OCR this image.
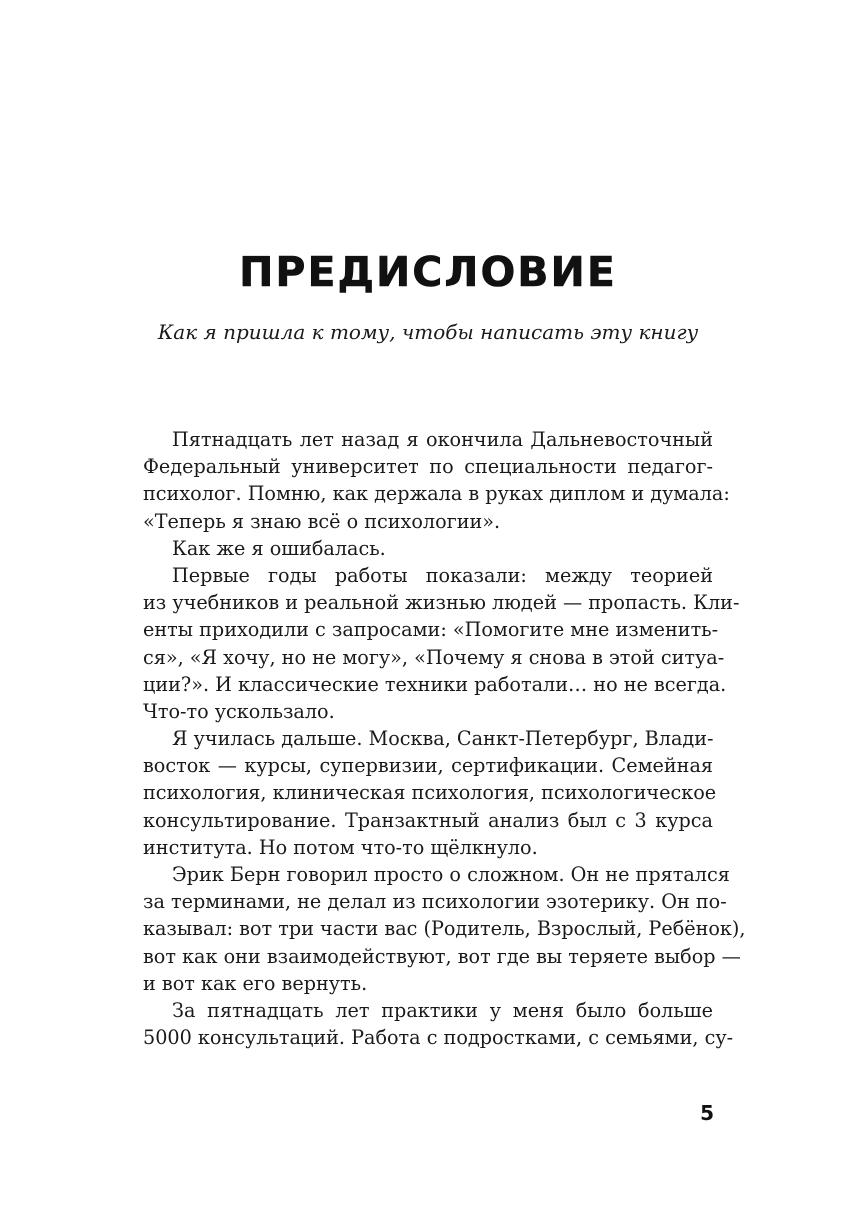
ПРЕДИСЛОВИЕ

Как я пришла к тому, чтобы написать эту книгу

Пятнадцать лет назад я окончила Дальневосточный
Федеральный университет по специальности педагог-
психолог. Помню, как держала в руках диплом и думала:
«Теперь я знаю всё о психологии».
Как же я ошибалась.
Первые годы работы показали: между теорией
из учебников и реальной жизнью людей — пропасть. Кли-
енты приходили с запросами: «Помогите мне изменить-
ся», «Я хочу, но не могу», «Почему я снова в этой ситуа-
ции?». И классические техники работали… но не всегда.
Что-то ускользало.
Я училась дальше. Москва, Санкт-Петербург, Влади-
восток — курсы, супервизии, сертификации. Семейная
психология, клиническая психология, психологическое
консультирование. Транзактный анализ был с 3 курса
института. Но потом что-то щёлкнуло.
Эрик Берн говорил просто о сложном. Он не прятался
за терминами, не делал из психологии эзотерику. Он по-
казывал: вот три части вас (Родитель, Взрослый, Ребёнок),
вот как они взаимодействуют, вот где вы теряете выбор —
и вот как его вернуть.
За пятнадцать лет практики у меня было больше
5000 консультаций. Работа с подростками, с семьями, су-
5
